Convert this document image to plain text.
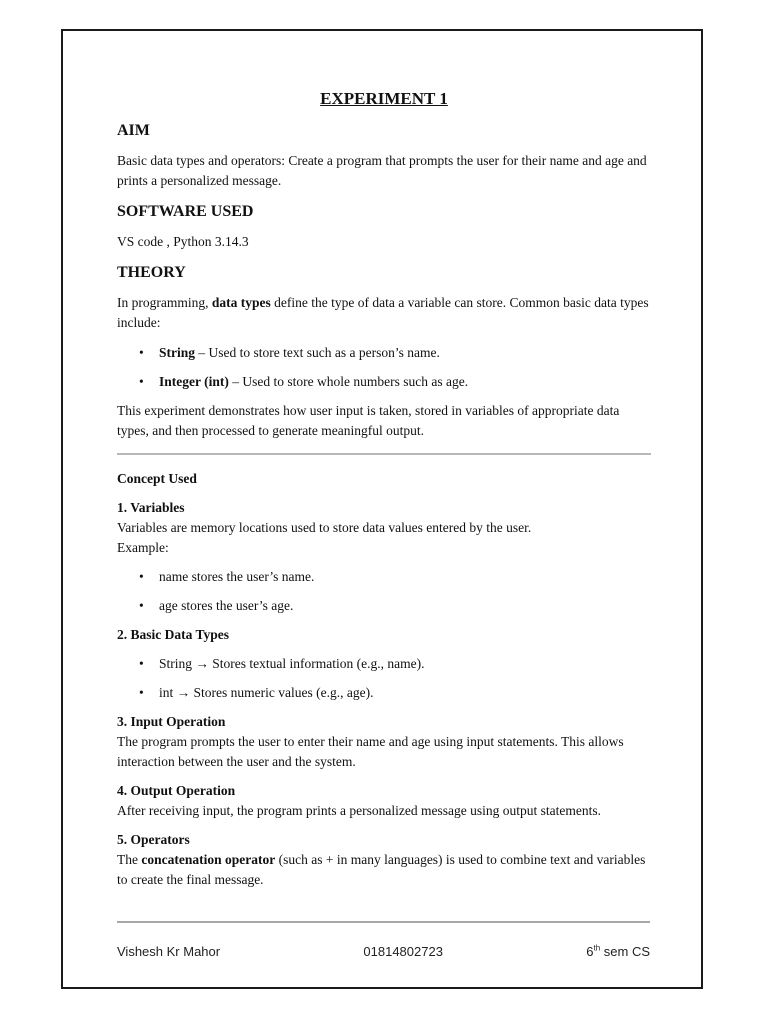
EXPERIMENT 1
AIM

Basic data types and operators: Create a program that prompts the user for their name and age and prints a personalized message.

SOFTWARE USED

VS code , Python 3.14.3

THEORY

In programming, data types define the type of data a variable can store. Common basic data types include:

• String – Used to store text such as a person’s name.
• Integer (int) – Used to store whole numbers such as age.

This experiment demonstrates how user input is taken, stored in variables of appropriate data types, and then processed to generate meaningful output.

Concept Used
1. Variables
Variables are memory locations used to store data values entered by the user.
Example:
• name stores the user’s name.
• age stores the user’s age.
2. Basic Data Types
• String → Stores textual information (e.g., name).
• int → Stores numeric values (e.g., age).
3. Input Operation
The program prompts the user to enter their name and age using input statements. This allows interaction between the user and the system.
4. Output Operation
After receiving input, the program prints a personalized message using output statements.
5. Operators
The concatenation operator (such as + in many languages) is used to combine text and variables to create the final message.
Vishesh Kr Mahor	01814802723	6th sem CS
